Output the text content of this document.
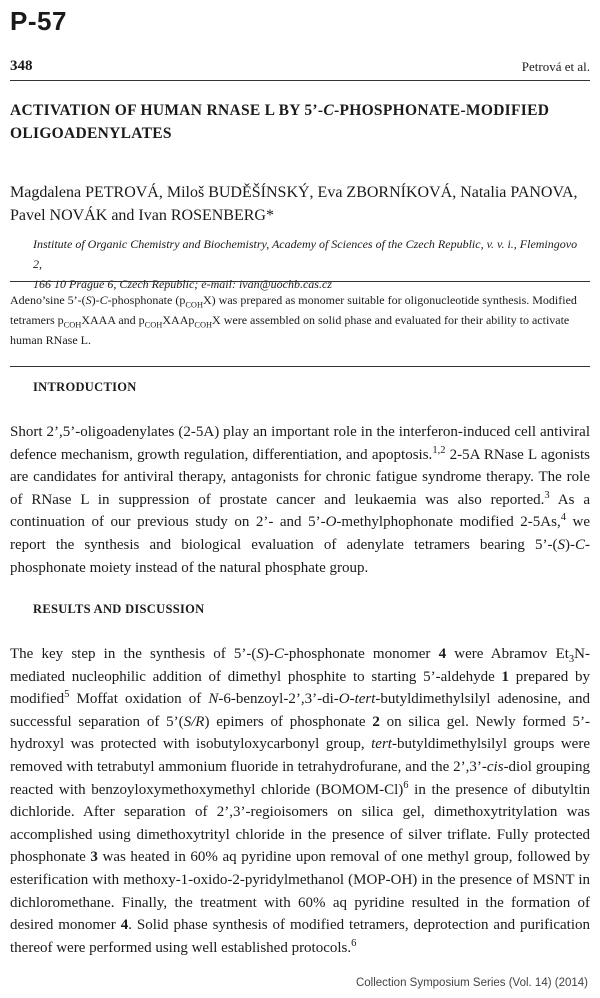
P-57
348	Petrová et al.
ACTIVATION OF HUMAN RNASE L BY 5’-C-PHOSPHONATE-MODIFIED
OLIGOADENYLATES
Magdalena PETROVÁ, Miloš BUDĚŠÍNSKÝ, Eva ZBORNÍKOVÁ, Natalia PANOVA,
Pavel NOVÁK and Ivan ROSENBERG*
Institute of Organic Chemistry and Biochemistry, Academy of Sciences of the Czech Republic, v. v. i., Flemingovo 2,
166 10 Prague 6, Czech Republic; e-mail: ivan@uochb.cas.cz
Adeno’sine 5’-(S)-C-phosphonate $(p_{COH}X)$ was prepared as monomer suitable for oligonucleotide synthesis. Modified tetramers $p_{COH}XAAA$ and $p_{COH}XAAp_{COH}X$ were assembled on solid phase and evaluated for their ability to activate human RNase L.
INTRODUCTION
Short 2’,5’-oligoadenylates (2-5A) play an important role in the interferon-induced cell antiviral defence mechanism, growth regulation, differentiation, and apoptosis.$^{1,2}$ 2-5A RNase L agonists are candidates for antiviral therapy, antagonists for chronic fatigue syndrome therapy. The role of RNase L in suppression of prostate cancer and leukaemia was also reported.$^3$ As a continuation of our previous study on 2’- and 5’-O-methylphophonate modified 2-5As,$^4$ we report the synthesis and biological evaluation of adenylate tetramers bearing 5’-(S)-C-phosphonate moiety instead of the natural phosphate group.
RESULTS AND DISCUSSION
The key step in the synthesis of 5’-(S)-C-phosphonate monomer 4 were Abramov $Et_3N$-mediated nucleophilic addition of dimethyl phosphite to starting 5’-aldehyde 1 prepared by modified$^5$ Moffat oxidation of N-6-benzoyl-2’,3’-di-O-tert-butyldimethylsilyl adenosine, and successful separation of 5’(S/R) epimers of phosphonate 2 on silica gel. Newly formed 5’-hydroxyl was protected with isobutyloxycarbonyl group, tert-butyldimethylsilyl groups were removed with tetrabutyl ammonium fluoride in tetrahydrofurane, and the 2’,3’-cis-diol grouping reacted with benzoyloxymethoxymethyl chloride (BOMOM-Cl)$^6$ in the presence of dibutyltin dichloride. After separation of 2’,3’-regioisomers on silica gel, dimethoxytritylation was accomplished using dimethoxytrityl chloride in the presence of silver triflate. Fully protected phosphonate 3 was heated in 60% aq pyridine upon removal of one methyl group, followed by esterification with methoxy-1-oxido-2-pyridylmethanol (MOP-OH) in the presence of MSNT in dichloromethane. Finally, the treatment with 60% aq pyridine resulted in the formation of desired monomer 4. Solid phase synthesis of modified tetramers, deprotection and purification thereof were performed using well established protocols.$^6$
Collection Symposium Series (Vol. 14) (2014)
